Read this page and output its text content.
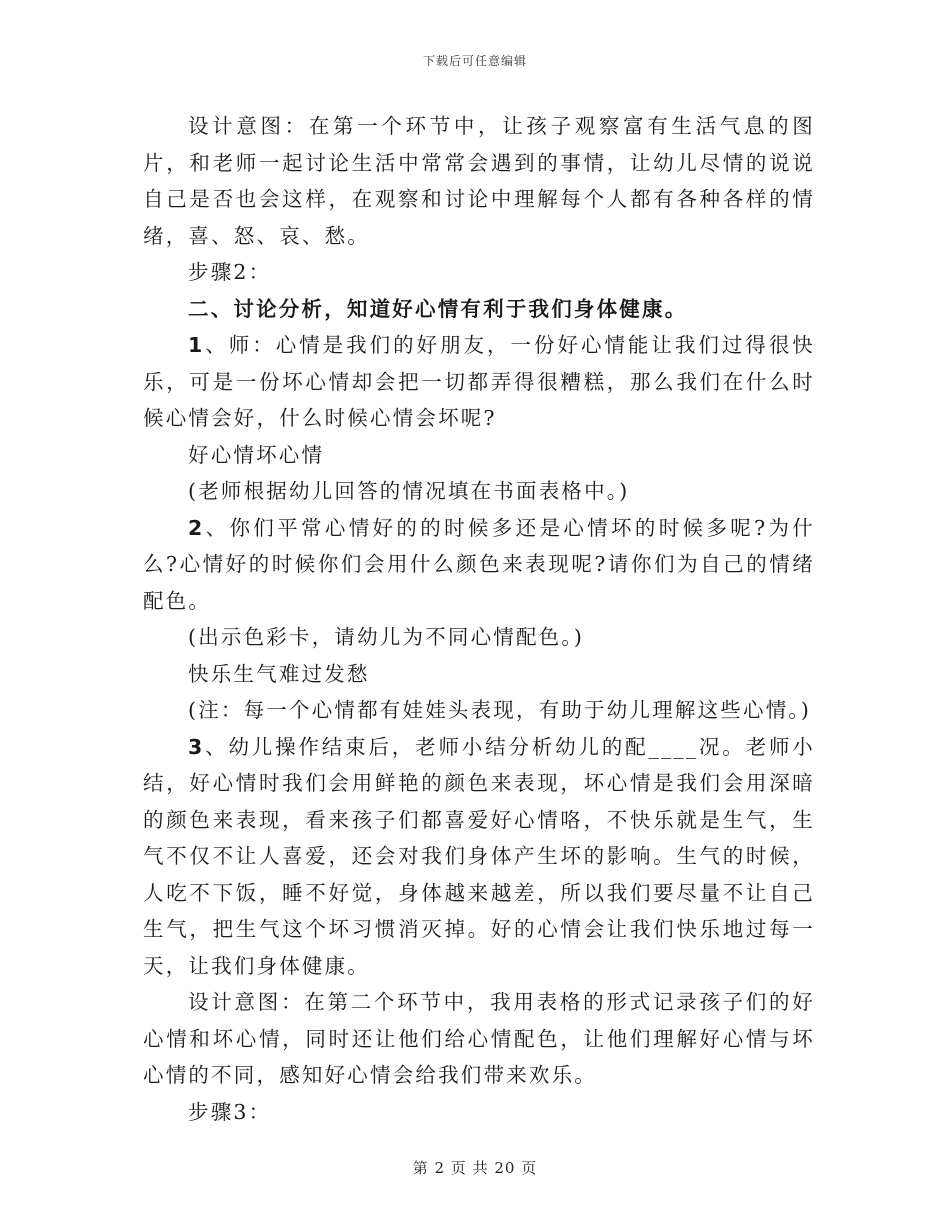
下载后可任意编辑

设计意图：在第一个环节中，让孩子观察富有生活气息的图片，和老师一起讨论生活中常常会遇到的事情，让幼儿尽情的说说自己是否也会这样，在观察和讨论中理解每个人都有各种各样的情绪，喜、怒、哀、愁。

步骤2：

二、讨论分析，知道好心情有利于我们身体健康。

1、师：心情是我们的好朋友，一份好心情能让我们过得很快乐，可是一份坏心情却会把一切都弄得很糟糕，那么我们在什么时候心情会好，什么时候心情会坏呢?

好心情坏心情

(老师根据幼儿回答的情况填在书面表格中。)

2、你们平常心情好的的时候多还是心情坏的时候多呢?为什么?心情好的时候你们会用什么颜色来表现呢?请你们为自己的情绪配色。

(出示色彩卡，请幼儿为不同心情配色。)

快乐生气难过发愁

(注：每一个心情都有娃娃头表现，有助于幼儿理解这些心情。)

3、幼儿操作结束后，老师小结分析幼儿的配____况。老师小结，好心情时我们会用鲜艳的颜色来表现，坏心情是我们会用深暗的颜色来表现，看来孩子们都喜爱好心情咯，不快乐就是生气，生气不仅不让人喜爱，还会对我们身体产生坏的影响。生气的时候，人吃不下饭，睡不好觉，身体越来越差，所以我们要尽量不让自己生气，把生气这个坏习惯消灭掉。好的心情会让我们快乐地过每一天，让我们身体健康。

设计意图：在第二个环节中，我用表格的形式记录孩子们的好心情和坏心情，同时还让他们给心情配色，让他们理解好心情与坏心情的不同，感知好心情会给我们带来欢乐。

步骤3：

第 2 页 共 20 页
